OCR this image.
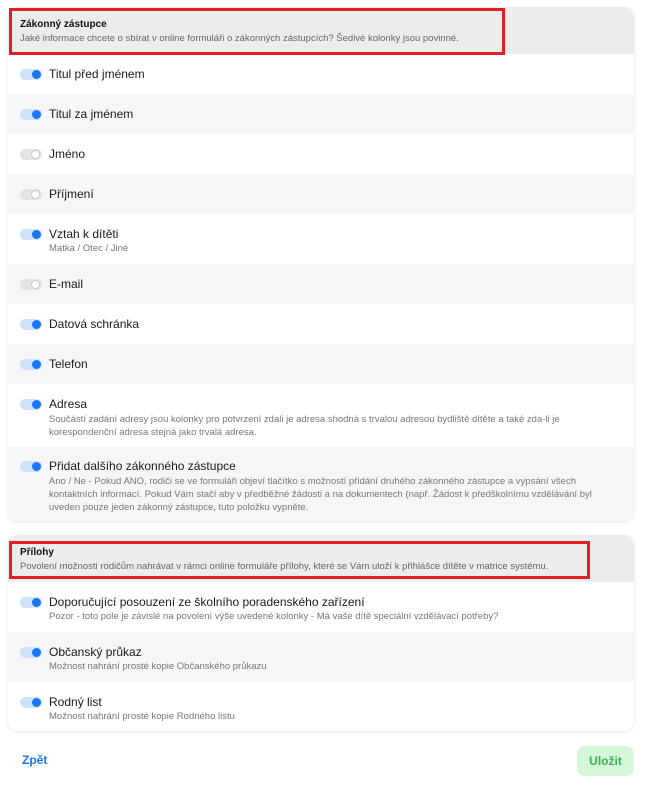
Zákonný zástupce
Jaké informace chcete o sbírat v online formuláři o zákonných zástupcích? Šedivé kolonky jsou povinné.
Titul před jménem
Titul za jménem
Jméno
Příjmení
Vztah k dítěti
Matka / Otec / Jiné
E-mail
Datová schránka
Telefon
Adresa
Součástí zadání adresy jsou kolonky pro potvrzení zdali je adresa shodná s trvalou adresou bydliště dítěte a také zda-li je korespondenční adresa stejná jako trvalá adresa.
Přidat dalšího zákonného zástupce
Ano / Ne - Pokud ANO, rodiči se ve formuláři objeví tlačítko s možností přidání druhého zákonného zástupce a vypsání všech kontaktních informací. Pokud Vám stačí aby v předběžné žádosti a na dokumentech (např. Žádost k předškolnímu vzdělávání byl uveden pouze jeden zákonný zástupce, tuto položku vypněte.
Přílohy
Povolení možnosti rodičům nahrávat v rámci online formuláře přílohy, které se Vám uloží k přihlášce dítěte v matrice systému.
Doporučující posouzení ze školního poradenského zařízení
Pozor - toto pole je závislé na povolení výše uvedené kolonky - Má vaše dítě speciální vzdělávací potřeby?
Občanský průkaz
Možnost nahrání prosté kopie Občanského průkazu
Rodný list
Možnost nahrání prosté kopie Rodného listu
Zpět	Uložit
